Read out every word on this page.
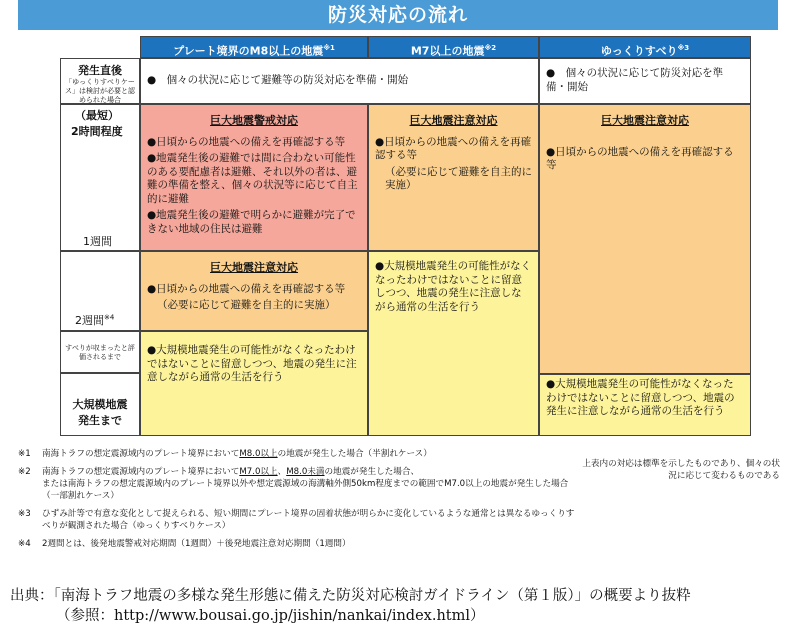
防災対応の流れ
プレート境界のM8以上の地震$^{※1}$	M7以上の地震$^{※2}$	ゆっくりすべり$^{※3}$
発生直後
「ゆっくりすべりケース」は検討が必要と認められた場合
（最短）
2時間程度
1週間
2週間$^{※4}$
すべりが収まったと評価されるまで
大規模地震
発生まで
●　個々の状況に応じて避難等の防災対応を準備・開始
●　個々の状況に応じて防災対応を準備・開始
巨大地震警戒対応

●日頃からの地震への備えを再確認する等

●地震発生後の避難では間に合わない可能性のある要配慮者は避難、それ以外の者は、避難の準備を整え、個々の状況等に応じて自主的に避難

●地震発生後の避難で明らかに避難が完了できない地域の住民は避難

巨大地震注意対応

●日頃からの地震への備えを再確認する等

（必要に応じて避難を自主的に実施）

●大規模地震発生の可能性がなくなったわけではないことに留意しつつ、地震の発生に注意しながら通常の生活を行う

巨大地震注意対応

●日頃からの地震への備えを再確認する等

（必要に応じて避難を自主的に実施）

●大規模地震発生の可能性がなくなったわけではないことに留意しつつ、地震の発生に注意しながら通常の生活を行う

巨大地震注意対応

●日頃からの地震への備えを再確認する等

●大規模地震発生の可能性がなくなったわけではないことに留意しつつ、地震の発生に注意しながら通常の生活を行う

※1 南海トラフの想定震源域内のプレート境界においてM8.0以上の地震が発生した場合（半割れケース）
※2 南海トラフの想定震源域内のプレート境界においてM7.0以上、M8.0未満の地震が発生した場合、
または南海トラフの想定震源域内のプレート境界以外や想定震源域の海溝軸外側50km程度までの範囲でM7.0以上の地震が発生した場合（一部割れケース）
※3 ひずみ計等で有意な変化として捉えられる、短い期間にプレート境界の固着状態が明らかに変化しているような通常とは異なるゆっくりすべりが観測された場合（ゆっくりすべりケース）
※4 2週間とは、後発地震警戒対応期間（1週間）＋後発地震注意対応期間（1週間）
上表内の対応は標準を示したものであり、個々の状況に応じて変わるものである
出典：「南海トラフ地震の多様な発生形態に備えた防災対応検討ガイドライン（第１版）」の概要より抜粋
（参照：http://www.bousai.go.jp/jishin/nankai/index.html）
